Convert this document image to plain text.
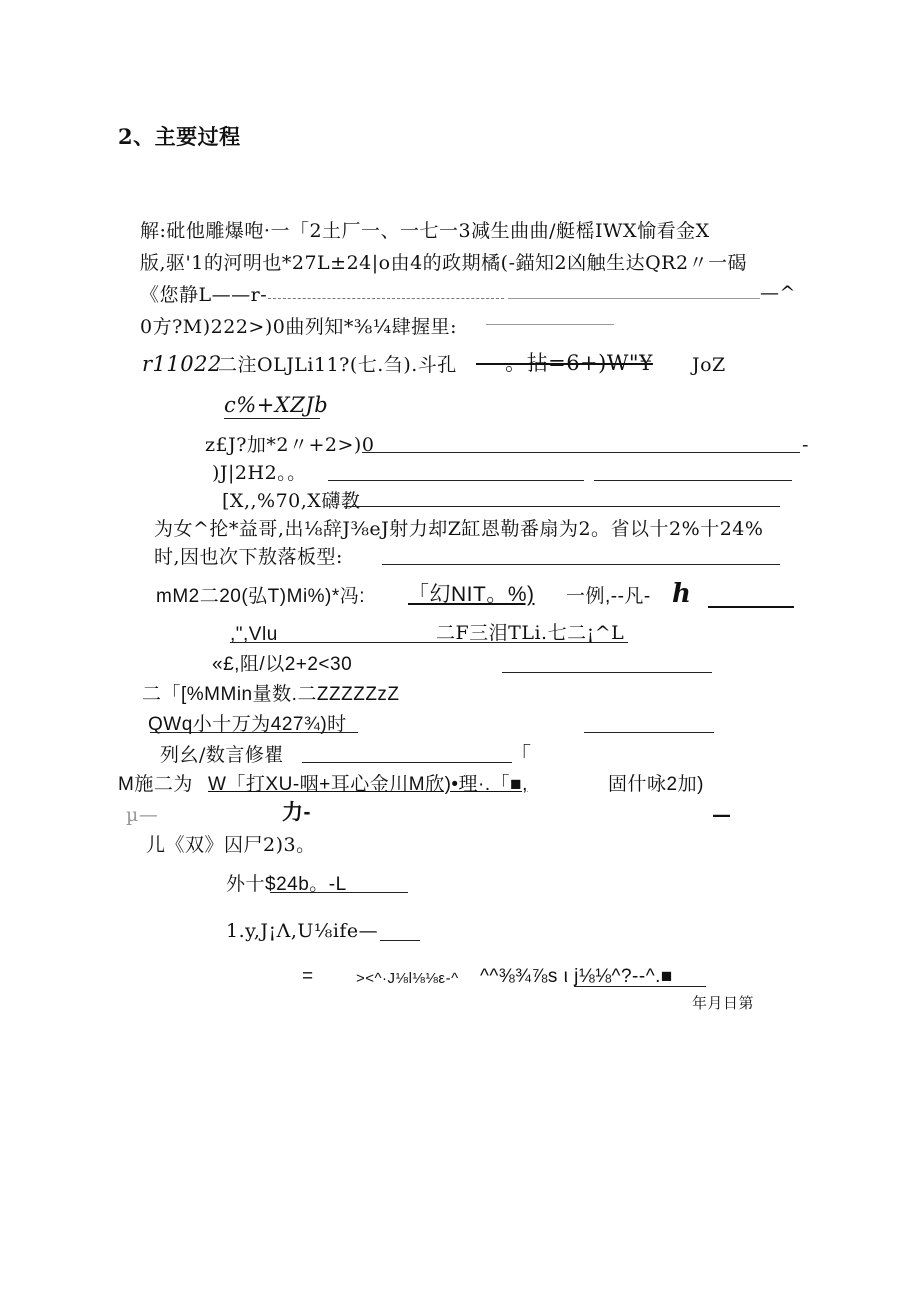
2、主要过程
解:砒他雕爆咆·一「2土厂一、一七一3减生曲曲/艇榣IWX愉看金X
版,驱'1的河明也*27L±24|o由4的政期橘(-錨知2凶触生达QR2〃一碣
《您静L——r-	—^
0方?M)222>)0曲列知*⅜¼肆握里:
r11022
二注OLJLi11?(七.刍).斗孔 —-。拈=6+)W"¥ JoZ
c%+XZJb
z£J?加*2〃+2>)0	-
)J|2H2。。
[X,,%70,X礴教
为女^抡*益哥,出⅛辞J⅜eJ射力却Z缸恩勒番扇为2。省以十2%十24%
时,因也次下敖落板型:
mM2二20(弘T)Mi%)*冯: 「幻NIT。%) 一例,-‐凡- h
,",Vlu	二F三泪TLi.七二¡^L
«£,阻/以2+2<30
二「[%MMin量数.二ZZZZZzZ
QWq小十万为427¾)时
列幺/数言修瞿	「
M施二为 W「打XU-咽+耳心金川M欣)•理·.「■,	固什咏2加)
µ—	力-	—
儿《双》囚尸2)3。
外十$24b。-L
1.y,J¡Λ,U⅛ife—
=	><^·J⅛l⅛⅛ε-^ ^^⅜¾⅞s ι j⅛⅛^?--^.■
年月日第
